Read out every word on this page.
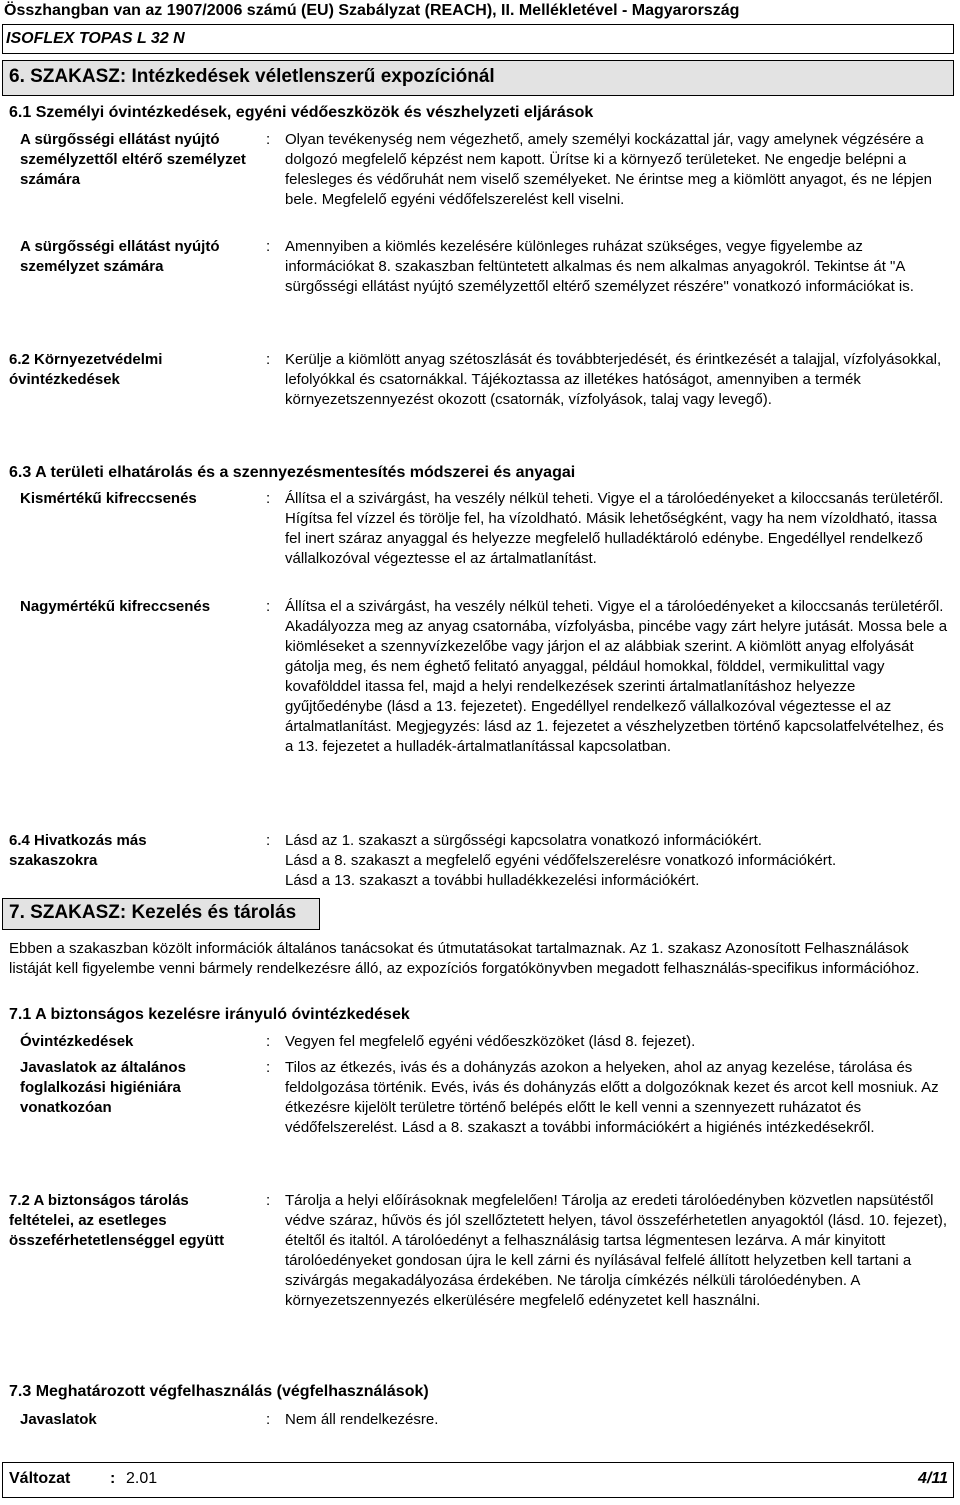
Összhangban van az 1907/2006 számú (EU) Szabályzat (REACH), II. Mellékletével - Magyarország
ISOFLEX TOPAS L 32 N
6. SZAKASZ: Intézkedések véletlenszerű expozíciónál
6.1 Személyi óvintézkedések, egyéni védőeszközök és vészhelyzeti eljárások
A sürgősségi ellátást nyújtó személyzettől eltérő személyzet számára
: Olyan tevékenység nem végezhető, amely személyi kockázattal jár, vagy amelynek végzésére a dolgozó megfelelő képzést nem kapott. Ürítse ki a környező területeket. Ne engedje belépni a felesleges és védőruhát nem viselő személyeket. Ne érintse meg a kiömlött anyagot, és ne lépjen bele. Megfelelő egyéni védőfelszerelést kell viselni.
A sürgősségi ellátást nyújtó személyzet számára
: Amennyiben a kiömlés kezelésére különleges ruházat szükséges, vegye figyelembe az információkat 8. szakaszban feltüntetett alkalmas és nem alkalmas anyagokról. Tekintse át "A sürgősségi ellátást nyújtó személyzettől eltérő személyzet részére" vonatkozó információkat is.
6.2 Környezetvédelmi óvintézkedések
: Kerülje a kiömlött anyag szétoszlását és továbbterjedését, és érintkezését a talajjal, vízfolyásokkal, lefolyókkal és csatornákkal. Tájékoztassa az illetékes hatóságot, amennyiben a termék környezetszennyezést okozott (csatornák, vízfolyások, talaj vagy levegő).
6.3 A területi elhatárolás és a szennyezésmentesítés módszerei és anyagai
Kismértékű kifreccsenés	: Állítsa el a szivárgást, ha veszély nélkül teheti. Vigye el a tárolóedényeket a kiloccsanás területéről. Hígítsa fel vízzel és törölje fel, ha vízoldható. Másik lehetőségként, vagy ha nem vízoldható, itassa fel inert száraz anyaggal és helyezze megfelelő hulladéktároló edénybe. Engedéllyel rendelkező vállalkozóval végeztesse el az ártalmatlanítást.
Nagymértékű kifreccsenés	: Állítsa el a szivárgást, ha veszély nélkül teheti. Vigye el a tárolóedényeket a kiloccsanás területéről. Akadályozza meg az anyag csatornába, vízfolyásba, pincébe vagy zárt helyre jutását. Mossa bele a kiömléseket a szennyvízkezelőbe vagy járjon el az alábbiak szerint. A kiömlött anyag elfolyását gátolja meg, és nem éghető felitató anyaggal, például homokkal, földdel, vermikulittal vagy kovafölddel itassa fel, majd a helyi rendelkezések szerinti ártalmatlanításhoz helyezze gyűjtőedénybe (lásd a 13. fejezetet). Engedéllyel rendelkező vállalkozóval végeztesse el az ártalmatlanítást. Megjegyzés: lásd az 1. fejezetet a vészhelyzetben történő kapcsolatfelvételhez, és a 13. fejezetet a hulladék-ártalmatlanítással kapcsolatban.
6.4 Hivatkozás más szakaszokra
: Lásd az 1. szakaszt a sürgősségi kapcsolatra vonatkozó információkért.
Lásd a 8. szakaszt a megfelelő egyéni védőfelszerelésre vonatkozó információkért.
Lásd a 13. szakaszt a további hulladékkezelési információkért.
7. SZAKASZ: Kezelés és tárolás
Ebben a szakaszban közölt információk általános tanácsokat és útmutatásokat tartalmaznak. Az 1. szakasz Azonosított Felhasználások listáját kell figyelembe venni bármely rendelkezésre álló, az expozíciós forgatókönyvben megadott felhasználás-specifikus információhoz.
7.1 A biztonságos kezelésre irányuló óvintézkedések
Óvintézkedések	: Vegyen fel megfelelő egyéni védőeszközöket (lásd 8. fejezet).
Javaslatok az általános foglalkozási higiéniára vonatkozóan
: Tilos az étkezés, ivás és a dohányzás azokon a helyeken, ahol az anyag kezelése, tárolása és feldolgozása történik. Evés, ivás és dohányzás előtt a dolgozóknak kezet és arcot kell mosniuk. Az étkezésre kijelölt területre történő belépés előtt le kell venni a szennyezett ruházatot és védőfelszerelést. Lásd a 8. szakaszt a további információkért a higiénés intézkedésekről.
7.2 A biztonságos tárolás feltételei, az esetleges összeférhetetlenséggel együtt
: Tárolja a helyi előírásoknak megfelelően! Tárolja az eredeti tárolóedényben közvetlen napsütéstől védve száraz, hűvös és jól szellőztetett helyen, távol összeférhetetlen anyagoktól (lásd. 10. fejezet), ételtől és italtól. A tárolóedényt a felhasználásig tartsa légmentesen lezárva. A már kinyitott tárolóedényeket gondosan újra le kell zárni és nyílásával felfelé állított helyzetben kell tartani a szivárgás megakadályozása érdekében. Ne tárolja címkézés nélküli tárolóedényben. A környezetszennyezés elkerülésére megfelelő edényzetet kell használni.
7.3 Meghatározott végfelhasználás (végfelhasználások)
Javaslatok	: Nem áll rendelkezésre.
Változat : 2.01	4/11
